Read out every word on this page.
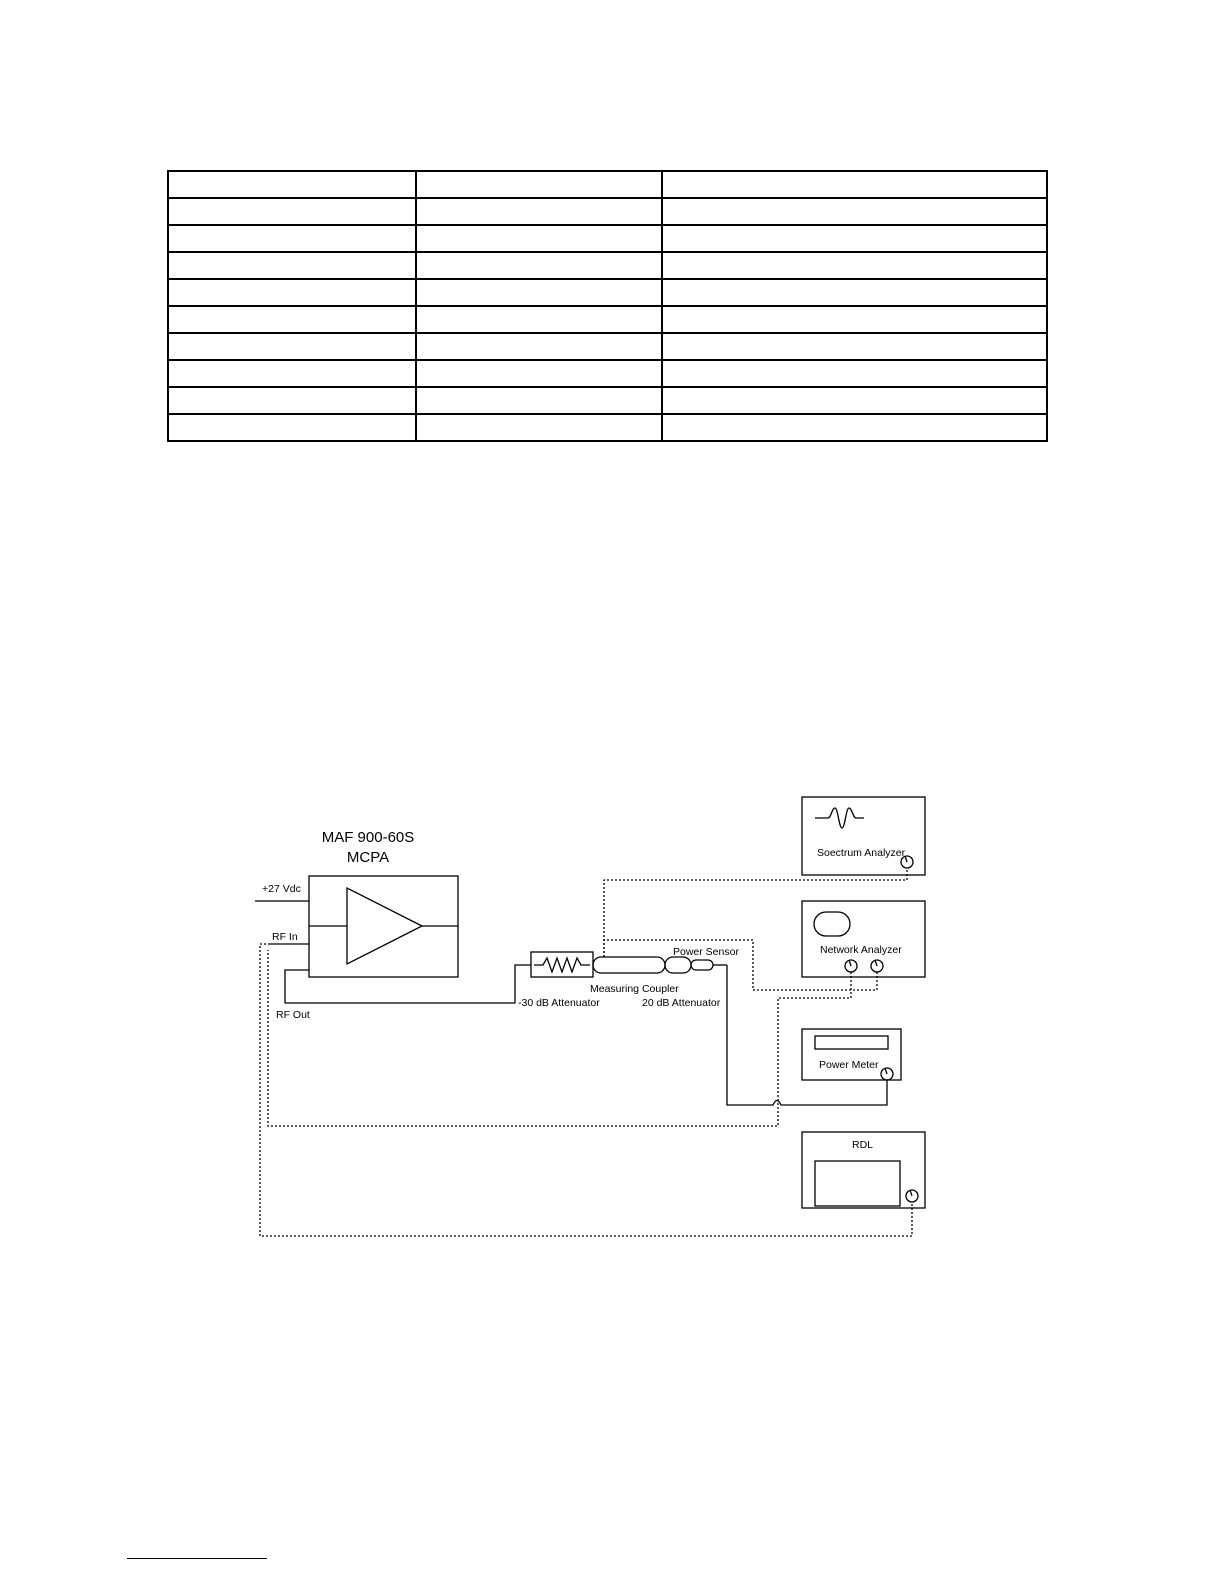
MAF 900-60S
MCPA
+27 Vdc
RF In
RF Out
-30 dB Attenuator
Measuring Coupler
20 dB Attenuator
Power Sensor
Soectrum Analyzer
Network Analyzer
Power Meter
RDL
